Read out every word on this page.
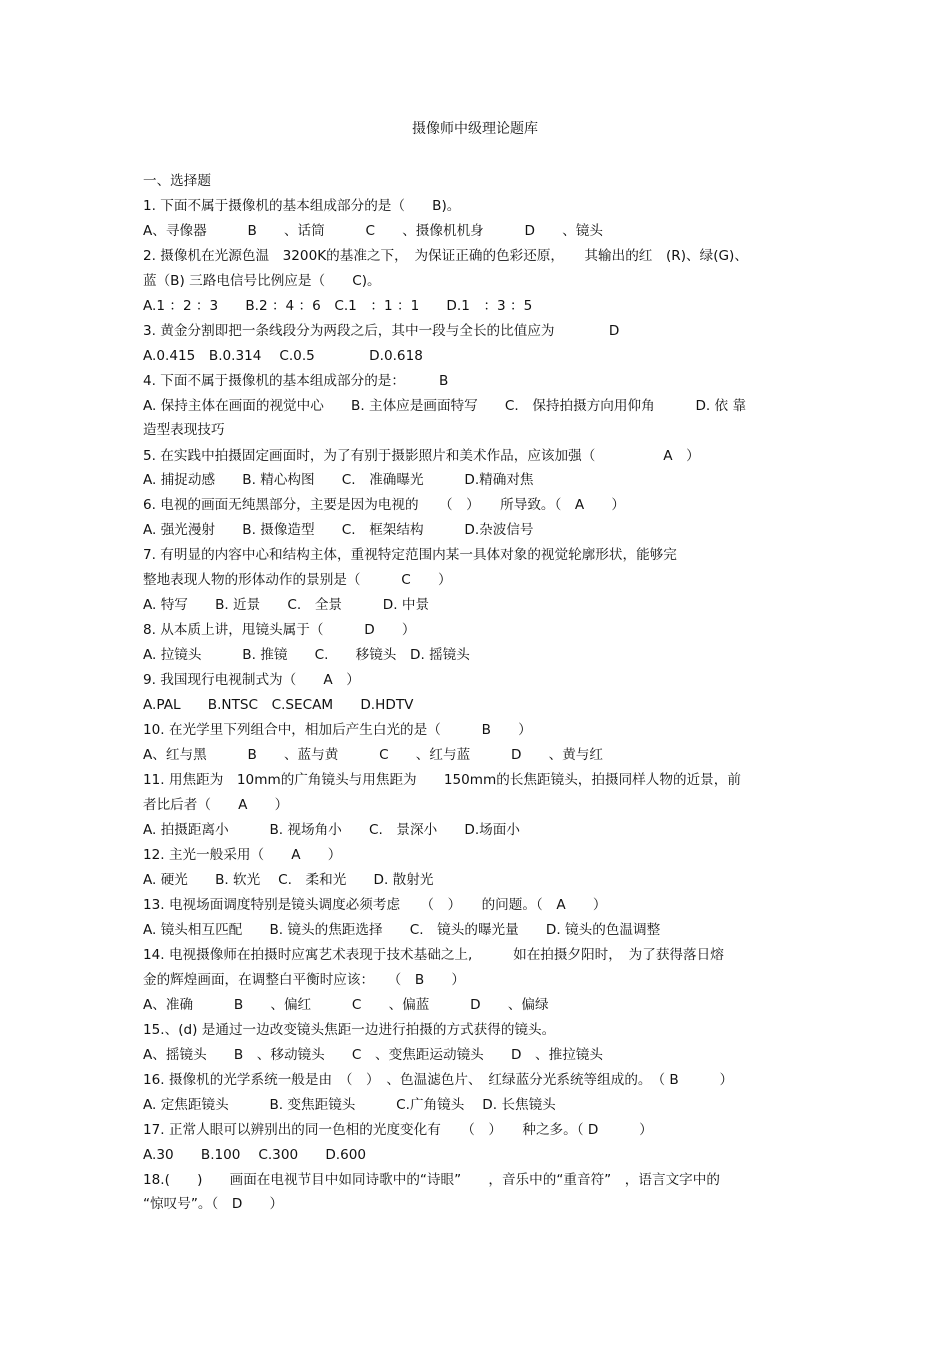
摄像师中级理论题库
一、选择题
1. 下面不属于摄像机的基本组成部分的是（　　B)。
A、寻像器　　　B　　、话筒　　　C　　、摄像机机身　　　D　　、镜头
2. 摄像机在光源色温　3200K的基准之下，　为保证正确的色彩还原，　　其输出的红　(R)、绿(G)、
蓝（B) 三路电信号比例应是（　　C)。
A.1 ：2 ：3　　B.2 ：4 ：6　C.1　：1 ：1　　D.1　：3 ：5
3. 黄金分割即把一条线段分为两段之后，其中一段与全长的比值应为　　　　D
A.0.415　B.0.314　 C.0.5　　　　D.0.618
4. 下面不属于摄像机的基本组成部分的是：　　　B
A. 保持主体在画面的视觉中心　　B. 主体应是画面特写　　C.　保持拍摄方向用仰角　　　D. 依 靠
造型表现技巧
5. 在实践中拍摄固定画面时，为了有别于摄影照片和美术作品，应该加强（　　　　　A　）
A. 捕捉动感　　B. 精心构图　　C.　准确曝光　　　D.精确对焦
6. 电视的画面无纯黑部分，主要是因为电视的　　（　）　　所导致。（　A　　）
A. 强光漫射　　B. 摄像造型　　C.　框架结构　　　D.杂波信号
7. 有明显的内容中心和结构主体，重视特定范围内某一具体对象的视觉轮廓形状，能够完
整地表现人物的形体动作的景别是（　　　C　　）
A. 特写　　B. 近景　　C.　全景　　　D. 中景
8. 从本质上讲，甩镜头属于（　　　D　　）
A. 拉镜头　　　B. 推镜　　C.　　移镜头　D. 摇镜头
9. 我国现行电视制式为（　　A　）
A.PAL　　B.NTSC　C.SECAM　　D.HDTV
10. 在光学里下列组合中，相加后产生白光的是（　　　B　　）
A、红与黑　　　B　　、蓝与黄　　　C　　、红与蓝　　　D　　、黄与红
11. 用焦距为　10mm的广角镜头与用焦距为　　150mm的长焦距镜头，拍摄同样人物的近景，前
者比后者（　　A　　）
A. 拍摄距离小　　　B. 视场角小　　C.　景深小　　D.场面小
12. 主光一般采用（　　A　　）
A. 硬光　　B. 软光　 C.　柔和光　　D. 散射光
13. 电视场面调度特别是镜头调度必须考虑　　（　）　　的问题。（　A　　）
A. 镜头相互匹配　　B. 镜头的焦距选择　　C.　镜头的曝光量　　D. 镜头的色温调整
14. 电视摄像师在拍摄时应寓艺术表现于技术基础之上,　　　如在拍摄夕阳时，　为了获得落日熔
金的辉煌画面，在调整白平衡时应该：　　（　B　　）
A、准确　　　B　　、偏红　　　C　　、偏蓝　　　D　　、偏绿
15.、(d) 是通过一边改变镜头焦距一边进行拍摄的方式获得的镜头。
A、摇镜头　　B　、移动镜头　　C　、变焦距运动镜头　　D　、推拉镜头
16. 摄像机的光学系统一般是由　（　）　、色温滤色片、　红绿蓝分光系统等组成的。　（ B　　　）
A. 定焦距镜头　　　B. 变焦距镜头　　　C.广角镜头　 D. 长焦镜头
17. 正常人眼可以辨别出的同一色相的光度变化有　　（　）　　种之多。（ D　　　）
A.30　　B.100　 C.300　　D.600
18.(　　)　　画面在电视节目中如同诗歌中的“诗眼”　　，音乐中的“重音符”　，语言文字中的
“惊叹号”。（　D　　）
